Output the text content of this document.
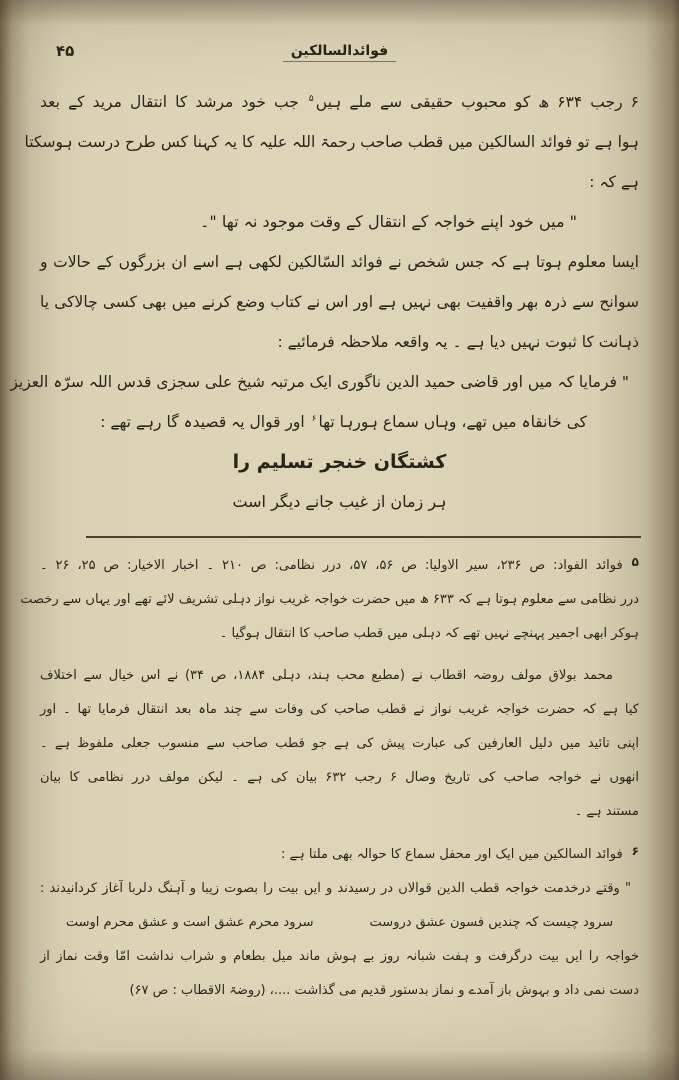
۴۵	فوائدالسالکین
۶ رجب ۶۳۴ ھ کو محبوب حقیقی سے ملے ہیں$^۵$ جب خود مرشد کا انتقال مرید کے بعد
ہوا ہے تو فوائد السالکین میں قطب صاحب رحمۃ اللہ علیہ کا یہ کہنا کس طرح درست ہوسکتا
ہے کہ :
" میں خود اپنے خواجہ کے انتقال کے وقت موجود نہ تھا "۔
ایسا معلوم ہوتا ہے کہ جس شخص نے فوائد السّالکین لکھی ہے اسے ان بزرگوں کے حالات و
سوانح سے ذرہ بھر واقفیت بھی نہیں ہے اور اس نے کتاب وضع کرنے میں بھی کسی چالاکی یا
ذہانت کا ثبوت نہیں دیا ہے ۔ یہ واقعہ ملاحظہ فرمائیے :
" فرمایا کہ میں اور قاضی حمید الدین ناگوری ایک مرتبہ شیخ علی سجزی قدس اللہ سرّہ العزیز
کی خانقاہ میں تھے، وہاں سماع ہورہا تھا$^۶$ اور قوال یہ قصیدہ گا رہے تھے :
کشتگان خنجر تسلیم را
ہر زمان از غیب جانے دیگر است
۵فوائد الفواد: ص ۲۳۶، سیر الاولیا: ص ۵۶، ۵۷، درر نظامی: ص ۲۱۰ ۔ اخبار الاخیار: ص ۲۵، ۲۶ ۔
درر نظامی سے معلوم ہوتا ہے کہ ۶۳۳ ھ میں حضرت خواجہ غریب نواز دہلی تشریف لائے تھے اور یہاں سے رخصت
ہوکر ابھی اجمیر پہنچے نہیں تھے کہ دہلی میں قطب صاحب کا انتقال ہوگیا ۔
محمد بولاق مولف روضہ اقطاب نے (مطبع محب ہند، دہلی ۱۸۸۴، ص ۳۴) نے اس خیال سے اختلاف
کیا ہے کہ حضرت خواجہ غریب نواز نے قطب صاحب کی وفات سے چند ماہ بعد انتقال فرمایا تھا ۔ اور
اپنی تائید میں دلیل العارفین کی عبارت پیش کی ہے جو قطب صاحب سے منسوب جعلی ملفوظ ہے ۔
انھوں نے خواجہ صاحب کی تاریخ وصال ۶ رجب ۶۳۲ بیان کی ہے ۔ لیکن مولف درر نظامی کا بیان
مستند ہے ۔
۶فوائد السالکین میں ایک اور محفل سماع کا حوالہ بھی ملتا ہے :
" وقتے درخدمت خواجہ قطب الدین قوالاں در رسیدند و ایں بیت را بصوت زیبا و آہنگ دلربا آغاز کردانیدند :
سرود چیست کہ چندیں فسون عشق دروست
سرود محرم عشق است و عشق محرم اوست
خواجہ را ایں بیت درگرفت و ہفت شبانہ روز بے ہوش ماند میل بطعام و شراب نداشت امّا وقت نماز از
دست نمی داد و بہوش باز آمدے و نماز بدستور قدیم می گذاشت ....، (روضۃ الاقطاب : ص ۶۷)
